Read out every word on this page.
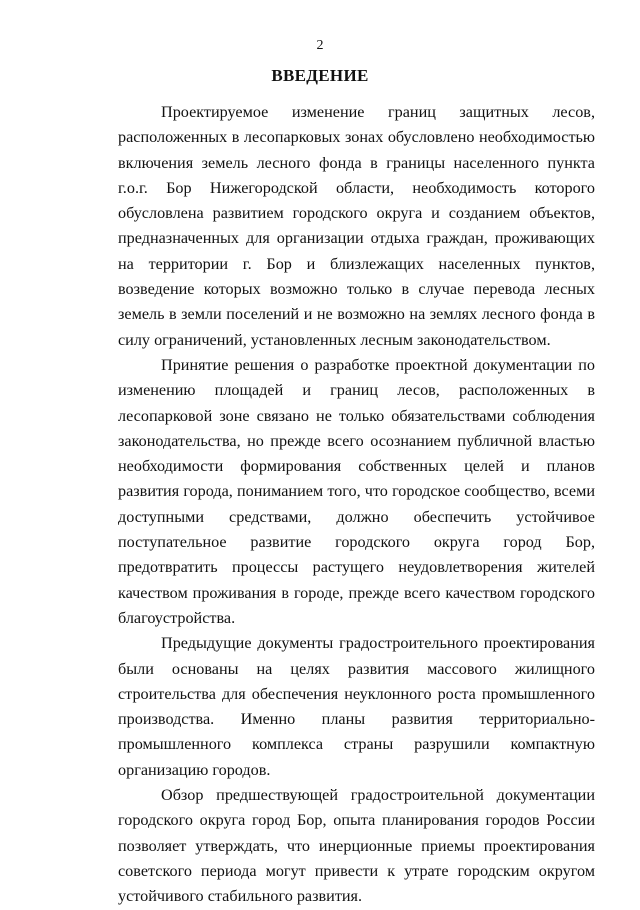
2
ВВЕДЕНИЕ

Проектируемое изменение границ защитных лесов, расположенных в лесопарковых зонах обусловлено необходимостью включения земель лесного фонда в границы населенного пункта г.о.г. Бор Нижегородской области, необходимость которого обусловлена развитием городского округа и созданием объектов, предназначенных для организации отдыха граждан, проживающих на территории г. Бор и близлежащих населенных пунктов, возведение которых возможно только в случае перевода лесных земель в земли поселений и не возможно на землях лесного фонда в силу ограничений, установленных лесным законодательством.

Принятие решения о разработке проектной документации по изменению площадей и границ лесов, расположенных в лесопарковой зоне связано не только обязательствами соблюдения законодательства, но прежде всего осознанием публичной властью необходимости формирования собственных целей и планов развития города, пониманием того, что городское сообщество, всеми доступными средствами, должно обеспечить устойчивое поступательное развитие городского округа город Бор, предотвратить процессы растущего неудовлетворения жителей качеством проживания в городе, прежде всего качеством городского благоустройства.

Предыдущие документы градостроительного проектирования были основаны на целях развития массового жилищного строительства для обеспечения неуклонного роста промышленного производства. Именно планы развития территориально-промышленного комплекса страны разрушили компактную организацию городов.

Обзор предшествующей градостроительной документации городского округа город Бор, опыта планирования городов России позволяет утверждать, что инерционные приемы проектирования советского периода могут привести к утрате городским округом устойчивого стабильного развития.
